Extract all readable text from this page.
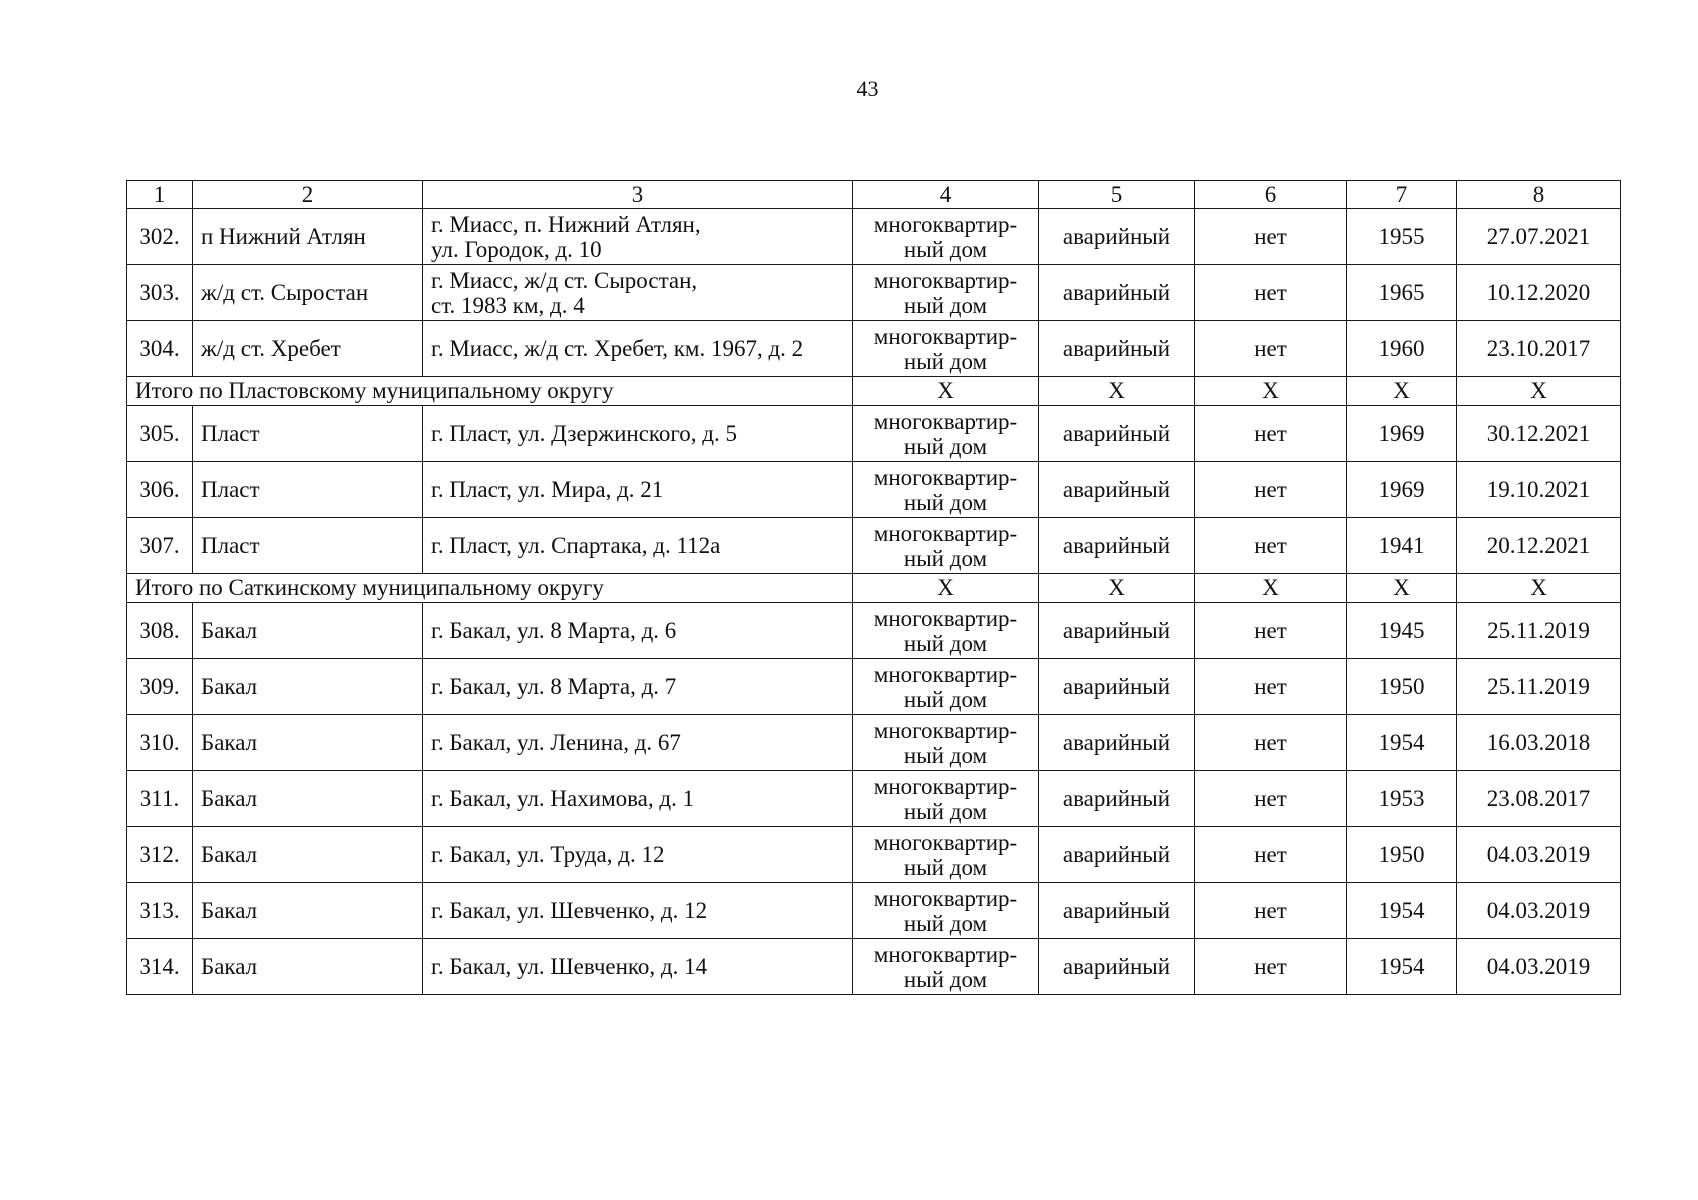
43
1	2	3	4	5	6	7	8
302.	п Нижний Атлян	г. Миасс, п. Нижний Атлян,
ул. Городок, д. 10	многоквартир-
ный дом	аварийный	нет	1955	27.07.2021
303.	ж/д ст. Сыростан	г. Миасс, ж/д ст. Сыростан,
ст. 1983 км, д. 4	многоквартир-
ный дом	аварийный	нет	1965	10.12.2020
304.	ж/д ст. Хребет	г. Миасс, ж/д ст. Хребет, км. 1967, д. 2	многоквартир-
ный дом	аварийный	нет	1960	23.10.2017
Итого по Пластовскому муниципальному округу			X	X	X	X	X
305.	Пласт	г. Пласт, ул. Дзержинского, д. 5	многоквартир-
ный дом	аварийный	нет	1969	30.12.2021
306.	Пласт	г. Пласт, ул. Мира, д. 21	многоквартир-
ный дом	аварийный	нет	1969	19.10.2021
307.	Пласт	г. Пласт, ул. Спартака, д. 112а	многоквартир-
ный дом	аварийный	нет	1941	20.12.2021
Итого по Саткинскому муниципальному округу			X	X	X	X	X
308.	Бакал	г. Бакал, ул. 8 Марта, д. 6	многоквартир-
ный дом	аварийный	нет	1945	25.11.2019
309.	Бакал	г. Бакал, ул. 8 Марта, д. 7	многоквартир-
ный дом	аварийный	нет	1950	25.11.2019
310.	Бакал	г. Бакал, ул. Ленина, д. 67	многоквартир-
ный дом	аварийный	нет	1954	16.03.2018
311.	Бакал	г. Бакал, ул. Нахимова, д. 1	многоквартир-
ный дом	аварийный	нет	1953	23.08.2017
312.	Бакал	г. Бакал, ул. Труда, д. 12	многоквартир-
ный дом	аварийный	нет	1950	04.03.2019
313.	Бакал	г. Бакал, ул. Шевченко, д. 12	многоквартир-
ный дом	аварийный	нет	1954	04.03.2019
314.	Бакал	г. Бакал, ул. Шевченко, д. 14	многоквартир-
ный дом	аварийный	нет	1954	04.03.2019
